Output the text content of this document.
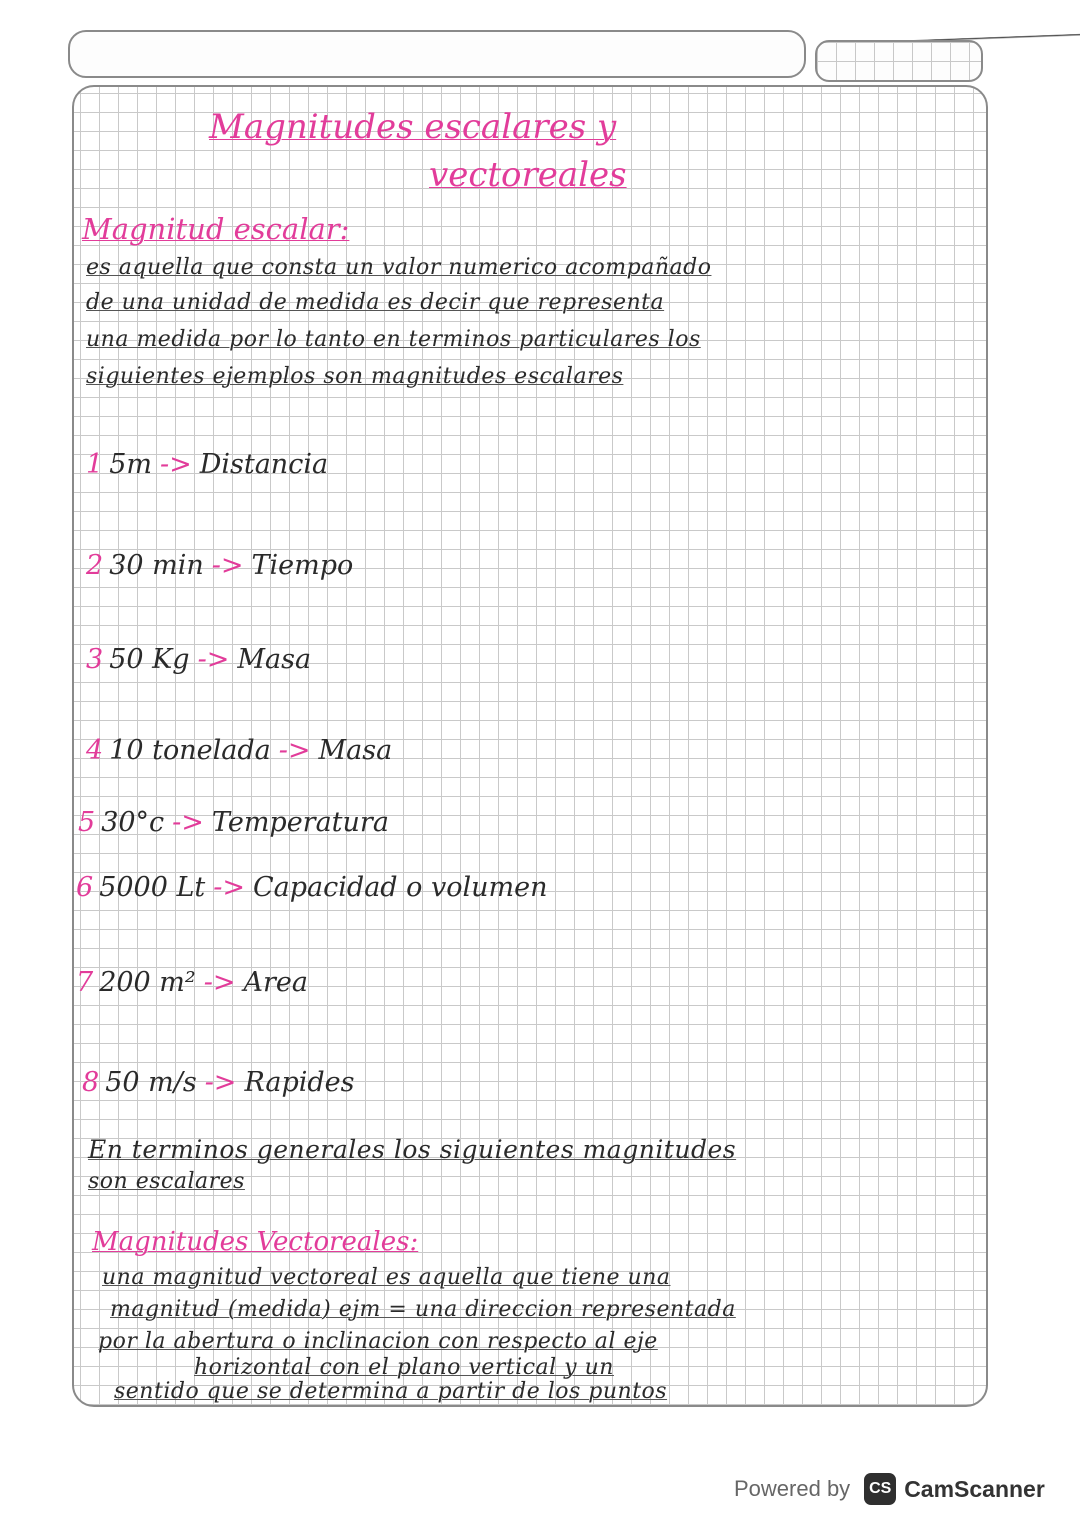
Magnitudes escalares y
vectoreales
Magnitud escalar:
es aquella que consta un valor numerico acompañado
de una unidad de medida es decir que representa
una medida por lo tanto en terminos particulares los
siguientes ejemplos son magnitudes escalares
1 5m -> Distancia
2 30 min -> Tiempo
3 50 Kg -> Masa
4 10 tonelada -> Masa
5 30°c -> Temperatura
6 5000 Lt -> Capacidad o volumen
7 200 m² -> Area
8 50 m/s -> Rapides
En terminos generales los siguientes magnitudes
son escalares
Magnitudes Vectoreales:
una magnitud vectoreal es aquella que tiene una
magnitud (medida) ejm = una direccion representada
por la abertura o inclinacion con respecto al eje
horizontal con el plano vertical y un
sentido que se determina a partir de los puntos
Powered by	CS CamScanner
